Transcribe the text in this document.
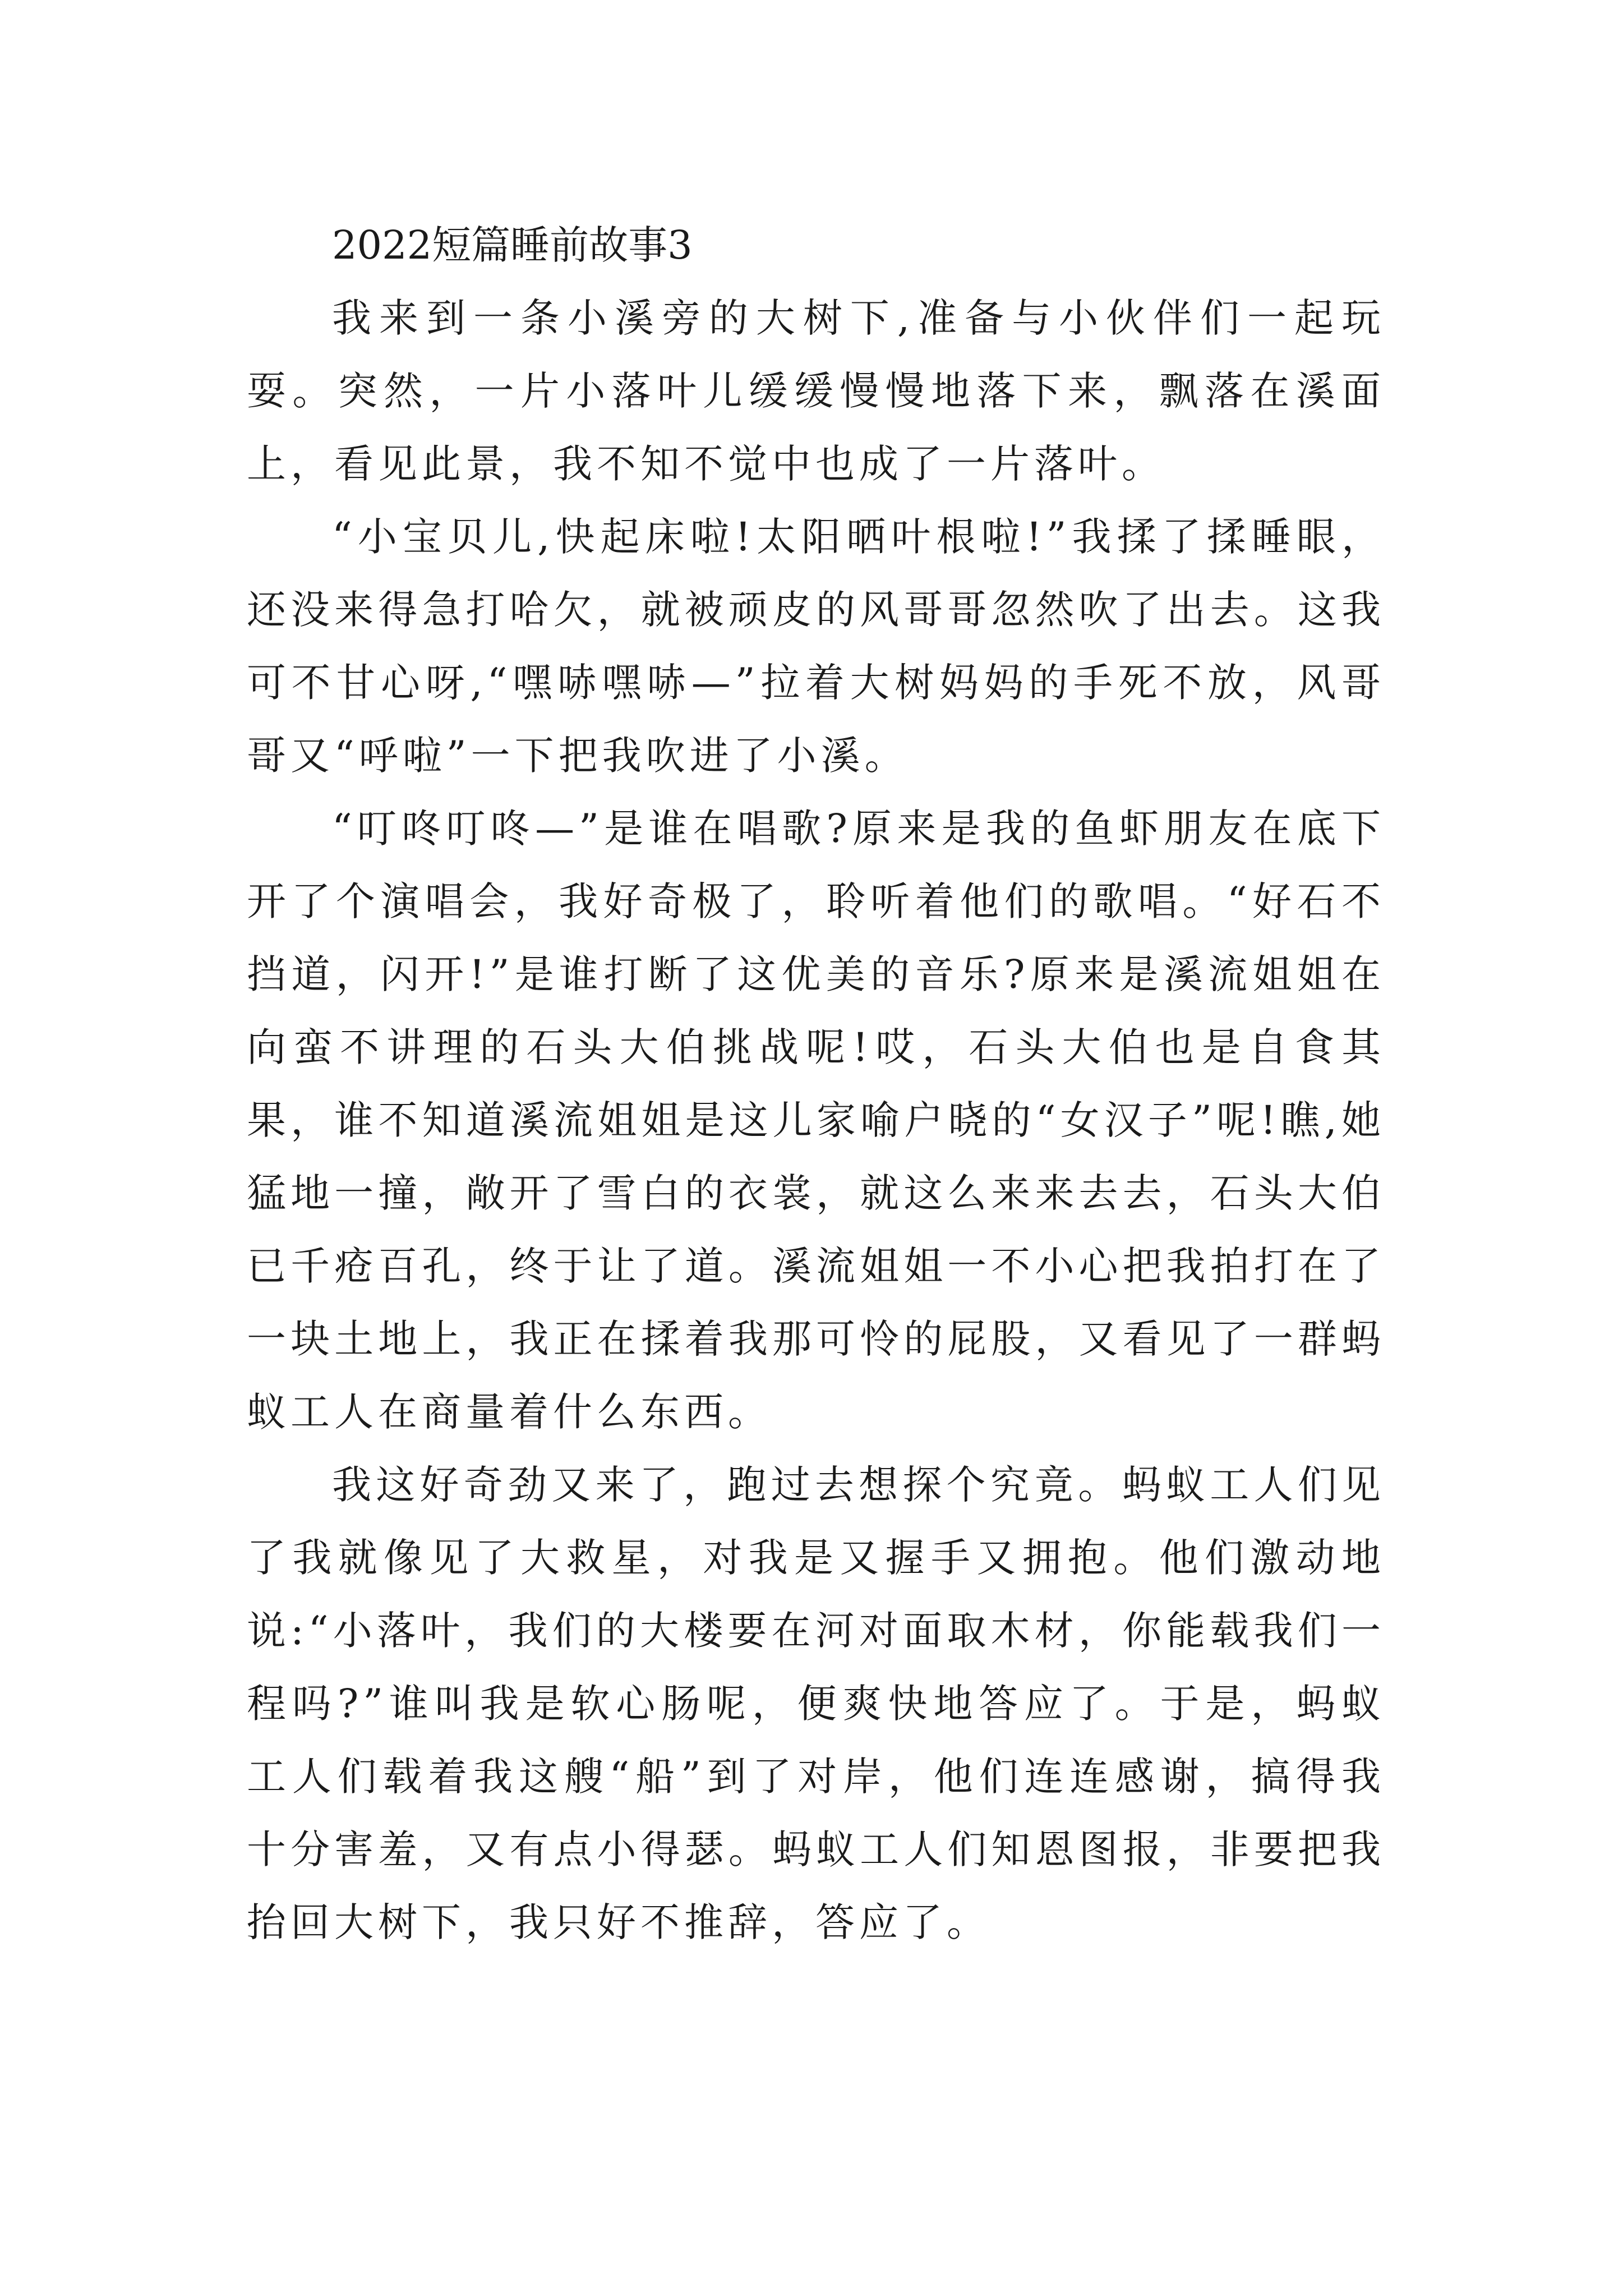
2022短篇睡前故事3

我来到一条小溪旁的大树下,准备与小伙伴们一起玩耍。突然，一片小落叶儿缓缓慢慢地落下来，飘落在溪面上，看见此景，我不知不觉中也成了一片落叶。

“小宝贝儿,快起床啦!太阳晒叶根啦!”我揉了揉睡眼，还没来得急打哈欠，就被顽皮的风哥哥忽然吹了出去。这我可不甘心呀,“嘿哧嘿哧—”拉着大树妈妈的手死不放，风哥哥又“呼啦”一下把我吹进了小溪。

“叮咚叮咚—”是谁在唱歌?原来是我的鱼虾朋友在底下开了个演唱会，我好奇极了，聆听着他们的歌唱。“好石不挡道，闪开!”是谁打断了这优美的音乐?原来是溪流姐姐在向蛮不讲理的石头大伯挑战呢!哎，石头大伯也是自食其果，谁不知道溪流姐姐是这儿家喻户晓的“女汉子”呢!瞧,她猛地一撞，敞开了雪白的衣裳，就这么来来去去，石头大伯已千疮百孔，终于让了道。溪流姐姐一不小心把我拍打在了一块土地上，我正在揉着我那可怜的屁股，又看见了一群蚂蚁工人在商量着什么东西。

我这好奇劲又来了，跑过去想探个究竟。蚂蚁工人们见了我就像见了大救星，对我是又握手又拥抱。他们激动地说:“小落叶，我们的大楼要在河对面取木材，你能载我们一程吗?”谁叫我是软心肠呢，便爽快地答应了。于是，蚂蚁工人们载着我这艘“船”到了对岸，他们连连感谢，搞得我十分害羞，又有点小得瑟。蚂蚁工人们知恩图报，非要把我抬回大树下，我只好不推辞，答应了。
